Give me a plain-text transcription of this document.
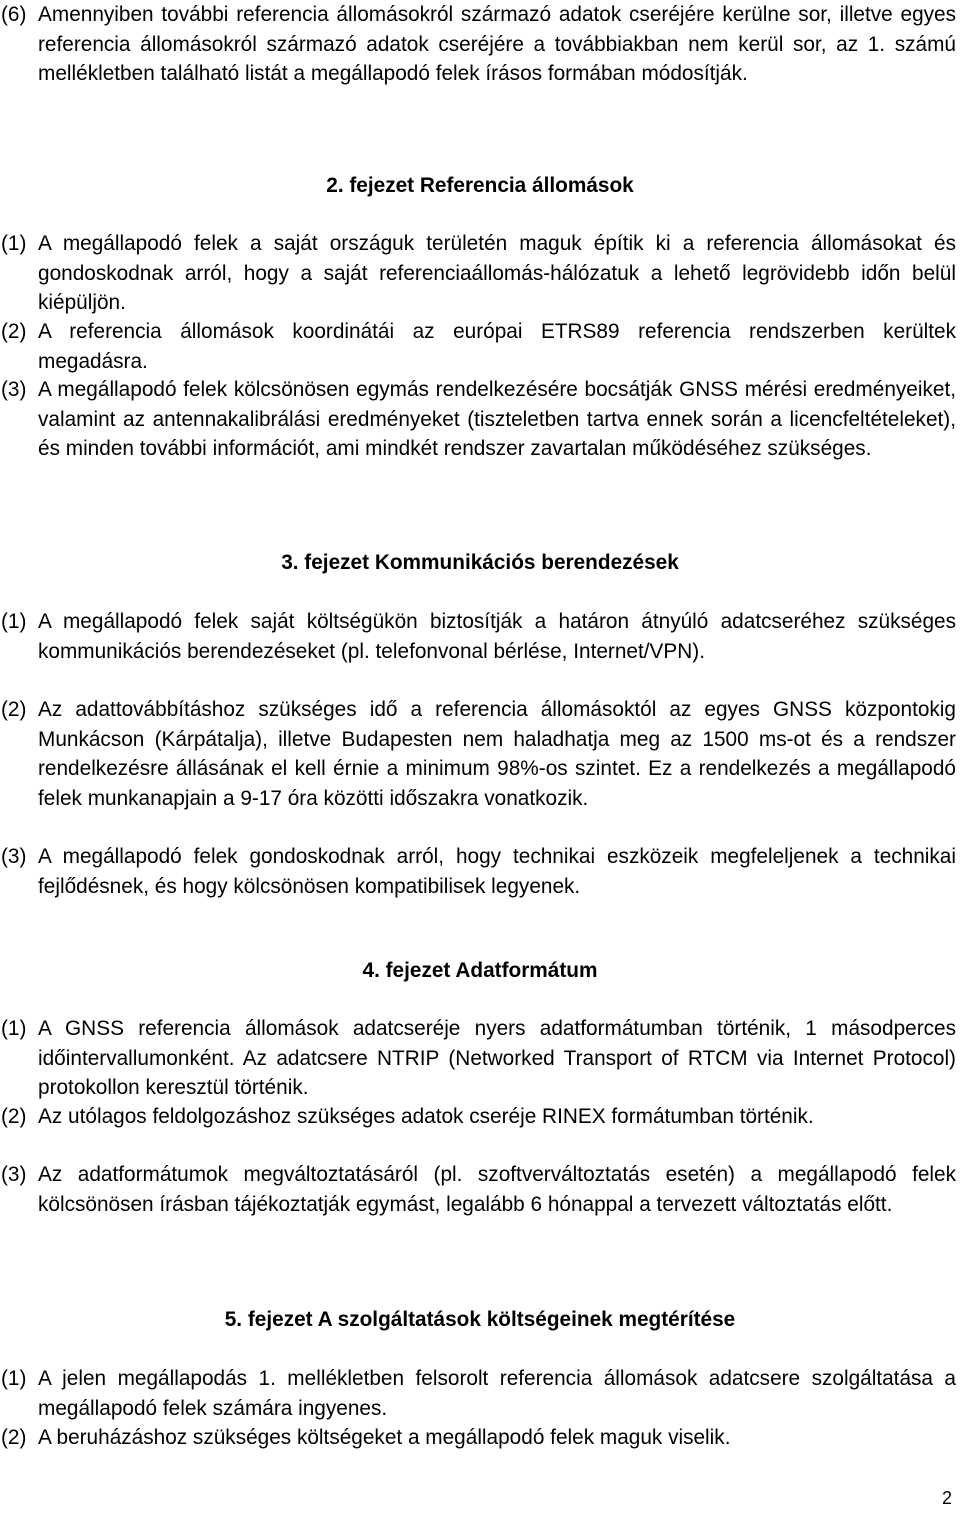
(6) Amennyiben további referencia állomásokról származó adatok cseréjére kerülne sor, illetve egyes referencia állomásokról származó adatok cseréjére a továbbiakban nem kerül sor, az 1. számú mellékletben található listát a megállapodó felek írásos formában módosítják.

2. fejezet Referencia állomások

(1) A megállapodó felek a saját országuk területén maguk építik ki a referencia állomásokat és gondoskodnak arról, hogy a saját referenciaállomás-hálózatuk a lehető legrövidebb időn belül kiépüljön.

(2) A referencia állomások koordinátái az európai ETRS89 referencia rendszerben kerültek megadásra.

(3) A megállapodó felek kölcsönösen egymás rendelkezésére bocsátják GNSS mérési eredményeiket, valamint az antennakalibrálási eredményeket (tiszteletben tartva ennek során a licencfeltételeket), és minden további információt, ami mindkét rendszer zavartalan működéséhez szükséges.

3. fejezet Kommunikációs berendezések

(1) A megállapodó felek saját költségükön biztosítják a határon átnyúló adatcseréhez szükséges kommunikációs berendezéseket (pl. telefonvonal bérlése, Internet/VPN).

(2) Az adattovábbításhoz szükséges idő a referencia állomásoktól az egyes GNSS központokig Munkácson (Kárpátalja), illetve Budapesten nem haladhatja meg az 1500 ms-ot és a rendszer rendelkezésre állásának el kell érnie a minimum 98%-os szintet. Ez a rendelkezés a megállapodó felek munkanapjain a 9-17 óra közötti időszakra vonatkozik.

(3) A megállapodó felek gondoskodnak arról, hogy technikai eszközeik megfeleljenek a technikai fejlődésnek, és hogy kölcsönösen kompatibilisek legyenek.

4. fejezet Adatformátum

(1) A GNSS referencia állomások adatcseréje nyers adatformátumban történik, 1 másodperces időintervallumonként. Az adatcsere NTRIP (Networked Transport of RTCM via Internet Protocol) protokollon keresztül történik.

(2) Az utólagos feldolgozáshoz szükséges adatok cseréje RINEX formátumban történik.

(3) Az adatformátumok megváltoztatásáról (pl. szoftverváltoztatás esetén) a megállapodó felek kölcsönösen írásban tájékoztatják egymást, legalább 6 hónappal a tervezett változtatás előtt.

5. fejezet A szolgáltatások költségeinek megtérítése

(1) A jelen megállapodás 1. mellékletben felsorolt referencia állomások adatcsere szolgáltatása a megállapodó felek számára ingyenes.

(2) A beruházáshoz szükséges költségeket a megállapodó felek maguk viselik.

2
